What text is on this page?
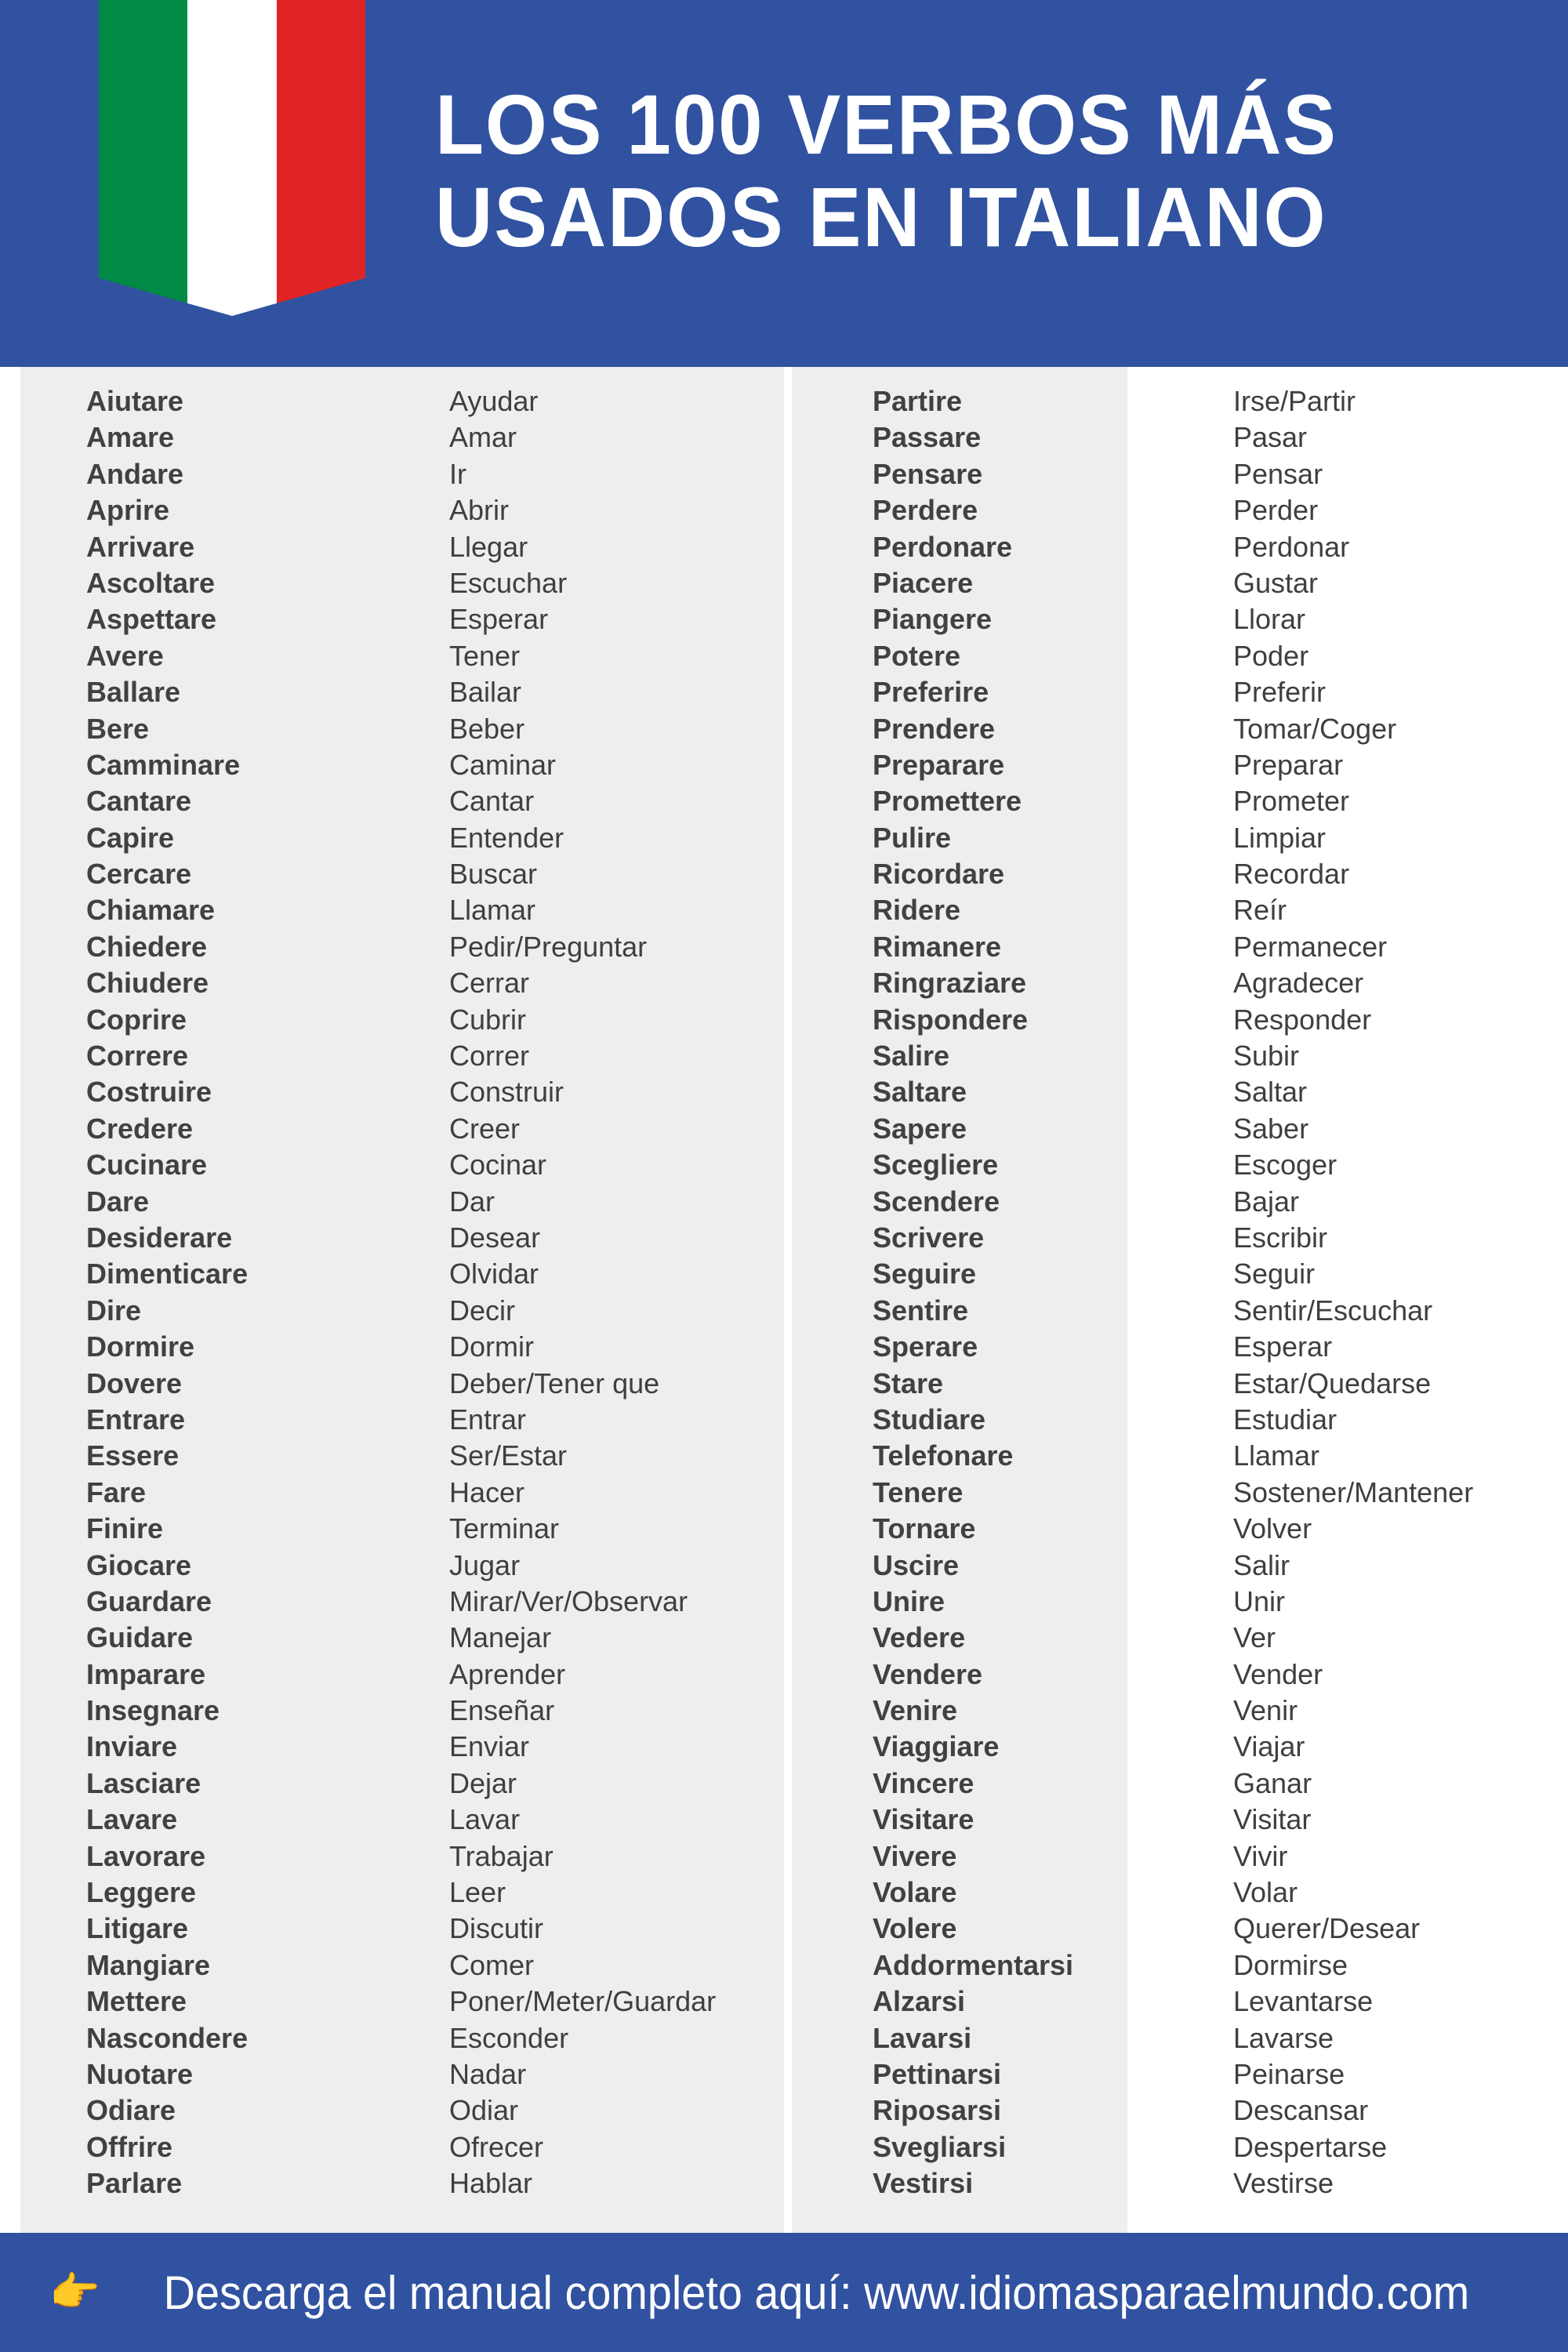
LOS 100 VERBOS MÁS
USADOS EN ITALIANO
Aiutare
Amare
Andare
Aprire
Arrivare
Ascoltare
Aspettare
Avere
Ballare
Bere
Camminare
Cantare
Capire
Cercare
Chiamare
Chiedere
Chiudere
Coprire
Correre
Costruire
Credere
Cucinare
Dare
Desiderare
Dimenticare
Dire
Dormire
Dovere
Entrare
Essere
Fare
Finire
Giocare
Guardare
Guidare
Imparare
Insegnare
Inviare
Lasciare
Lavare
Lavorare
Leggere
Litigare
Mangiare
Mettere
Nascondere
Nuotare
Odiare
Offrire
Parlare
Ayudar
Amar
Ir
Abrir
Llegar
Escuchar
Esperar
Tener
Bailar
Beber
Caminar
Cantar
Entender
Buscar
Llamar
Pedir/Preguntar
Cerrar
Cubrir
Correr
Construir
Creer
Cocinar
Dar
Desear
Olvidar
Decir
Dormir
Deber/Tener que
Entrar
Ser/Estar
Hacer
Terminar
Jugar
Mirar/Ver/Observar
Manejar
Aprender
Enseñar
Enviar
Dejar
Lavar
Trabajar
Leer
Discutir
Comer
Poner/Meter/Guardar
Esconder
Nadar
Odiar
Ofrecer
Hablar
Partire
Passare
Pensare
Perdere
Perdonare
Piacere
Piangere
Potere
Preferire
Prendere
Preparare
Promettere
Pulire
Ricordare
Ridere
Rimanere
Ringraziare
Rispondere
Salire
Saltare
Sapere
Scegliere
Scendere
Scrivere
Seguire
Sentire
Sperare
Stare
Studiare
Telefonare
Tenere
Tornare
Uscire
Unire
Vedere
Vendere
Venire
Viaggiare
Vincere
Visitare
Vivere
Volare
Volere
Addormentarsi
Alzarsi
Lavarsi
Pettinarsi
Riposarsi
Svegliarsi
Vestirsi
Irse/Partir
Pasar
Pensar
Perder
Perdonar
Gustar
Llorar
Poder
Preferir
Tomar/Coger
Preparar
Prometer
Limpiar
Recordar
Reír
Permanecer
Agradecer
Responder
Subir
Saltar
Saber
Escoger
Bajar
Escribir
Seguir
Sentir/Escuchar
Esperar
Estar/Quedarse
Estudiar
Llamar
Sostener/Mantener
Volver
Salir
Unir
Ver
Vender
Venir
Viajar
Ganar
Visitar
Vivir
Volar
Querer/Desear
Dormirse
Levantarse
Lavarse
Peinarse
Descansar
Despertarse
Vestirse
👉 Descarga el manual completo aquí: www.idiomasparaelmundo.com
